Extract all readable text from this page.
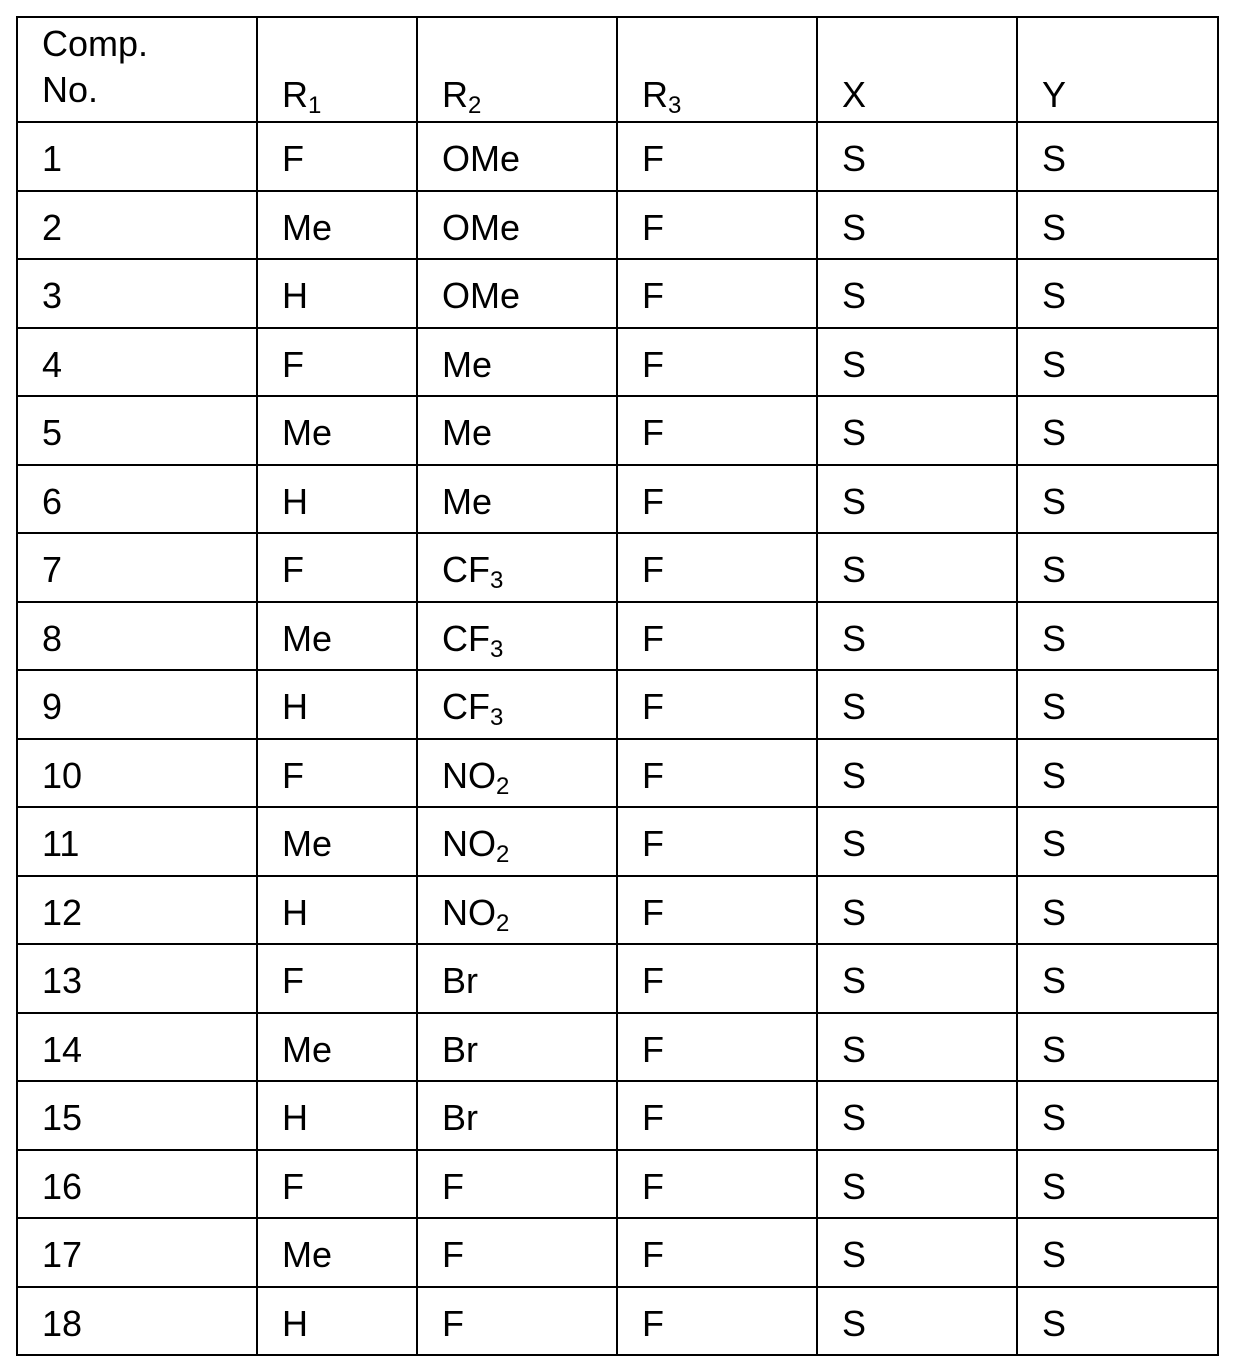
Comp.
No.	$R_1$	$R_2$	$R_3$	X	Y
1	F	OMe	F	S	S
2	Me	OMe	F	S	S
3	H	OMe	F	S	S
4	F	Me	F	S	S
5	Me	Me	F	S	S
6	H	Me	F	S	S
7	F	$CF_3$	F	S	S
8	Me	$CF_3$	F	S	S
9	H	$CF_3$	F	S	S
10	F	$NO_2$	F	S	S
11	Me	$NO_2$	F	S	S
12	H	$NO_2$	F	S	S
13	F	Br	F	S	S
14	Me	Br	F	S	S
15	H	Br	F	S	S
16	F	F	F	S	S
17	Me	F	F	S	S
18	H	F	F	S	S
